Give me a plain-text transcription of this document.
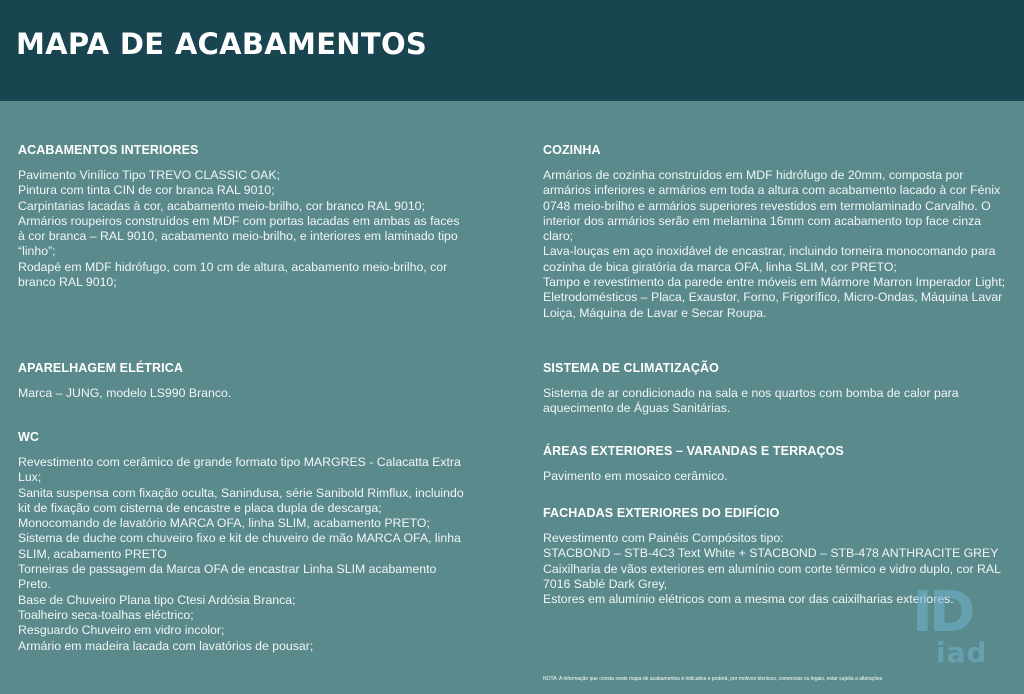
MAPA DE ACABAMENTOS
ACABAMENTOS INTERIORES
Pavimento Vinílico Tipo TREVO CLASSIC OAK;
Pintura com tinta CIN de cor branca RAL 9010;
Carpintarias lacadas à cor, acabamento meio-brilho, cor branco RAL 9010;
Armários roupeiros construídos em MDF com portas lacadas em ambas as faces à cor branca – RAL 9010, acabamento meio-brilho, e interiores em laminado tipo “linho”;
Rodapé em MDF hidrófugo, com 10 cm de altura, acabamento meio-brilho, cor branco RAL 9010;
APARELHAGEM ELÉTRICA
Marca – JUNG, modelo LS990 Branco.
WC
Revestimento com cerâmico de grande formato tipo MARGRES - Calacatta Extra Lux;
Sanita suspensa com fixação oculta, Sanindusa, série Sanibold Rimflux, incluindo kit de fixação com cisterna de encastre e placa dupla de descarga;
Monocomando de lavatório MARCA OFA, linha SLIM, acabamento PRETO;
Sistema de duche com chuveiro fixo e kit de chuveiro de mão MARCA OFA, linha SLIM, acabamento PRETO
Torneiras de passagem da Marca OFA de encastrar Linha SLIM acabamento Preto.
Base de Chuveiro Plana tipo Ctesi Ardósia Branca;
Toalheiro seca-toalhas eléctrico;
Resguardo Chuveiro em vidro incolor;
Armário em madeira lacada com lavatórios de pousar;
COZINHA
Armários de cozinha construídos em MDF hidrófugo de 20mm, composta por armários inferiores e armários em toda a altura com acabamento lacado à cor Fénix 0748 meio-brilho e armários superiores revestidos em termolaminado Carvalho. O interior dos armários serão em melamina 16mm com acabamento top face cinza claro;
Lava-louças em aço inoxidável de encastrar, incluindo torneira monocomando para cozinha de bica giratória da marca OFA, linha SLIM, cor PRETO;
Tampo e revestimento da parede entre móveis em Mármore Marron Imperador Light;
Eletrodomésticos – Placa, Exaustor, Forno, Frigorífico, Micro-Ondas, Máquina Lavar Loiça, Máquina de Lavar e Secar Roupa.
SISTEMA DE CLIMATIZAÇÃO
Sistema de ar condicionado na sala e nos quartos com bomba de calor para aquecimento de Águas Sanitárias.
ÁREAS EXTERIORES – VARANDAS E TERRAÇOS
Pavimento em mosaico cerâmico.
FACHADAS EXTERIORES DO EDIFÍCIO
Revestimento com Painéis Compósitos tipo:
STACBOND – STB-4C3 Text White + STACBOND – STB-478 ANTHRACITE GREY
Caixilharia de vãos exteriores em alumínio com corte térmico e vidro duplo, cor RAL 7016 Sablé Dark Grey,
Estores em alumínio elétricos com a mesma cor das caixilharias exteriores.
ID
iad
NOTA: A informação que consta neste mapa de acabamentos é indicativa e poderá, por motivos técnicos, comerciais ou legais, estar sujeita a alterações
